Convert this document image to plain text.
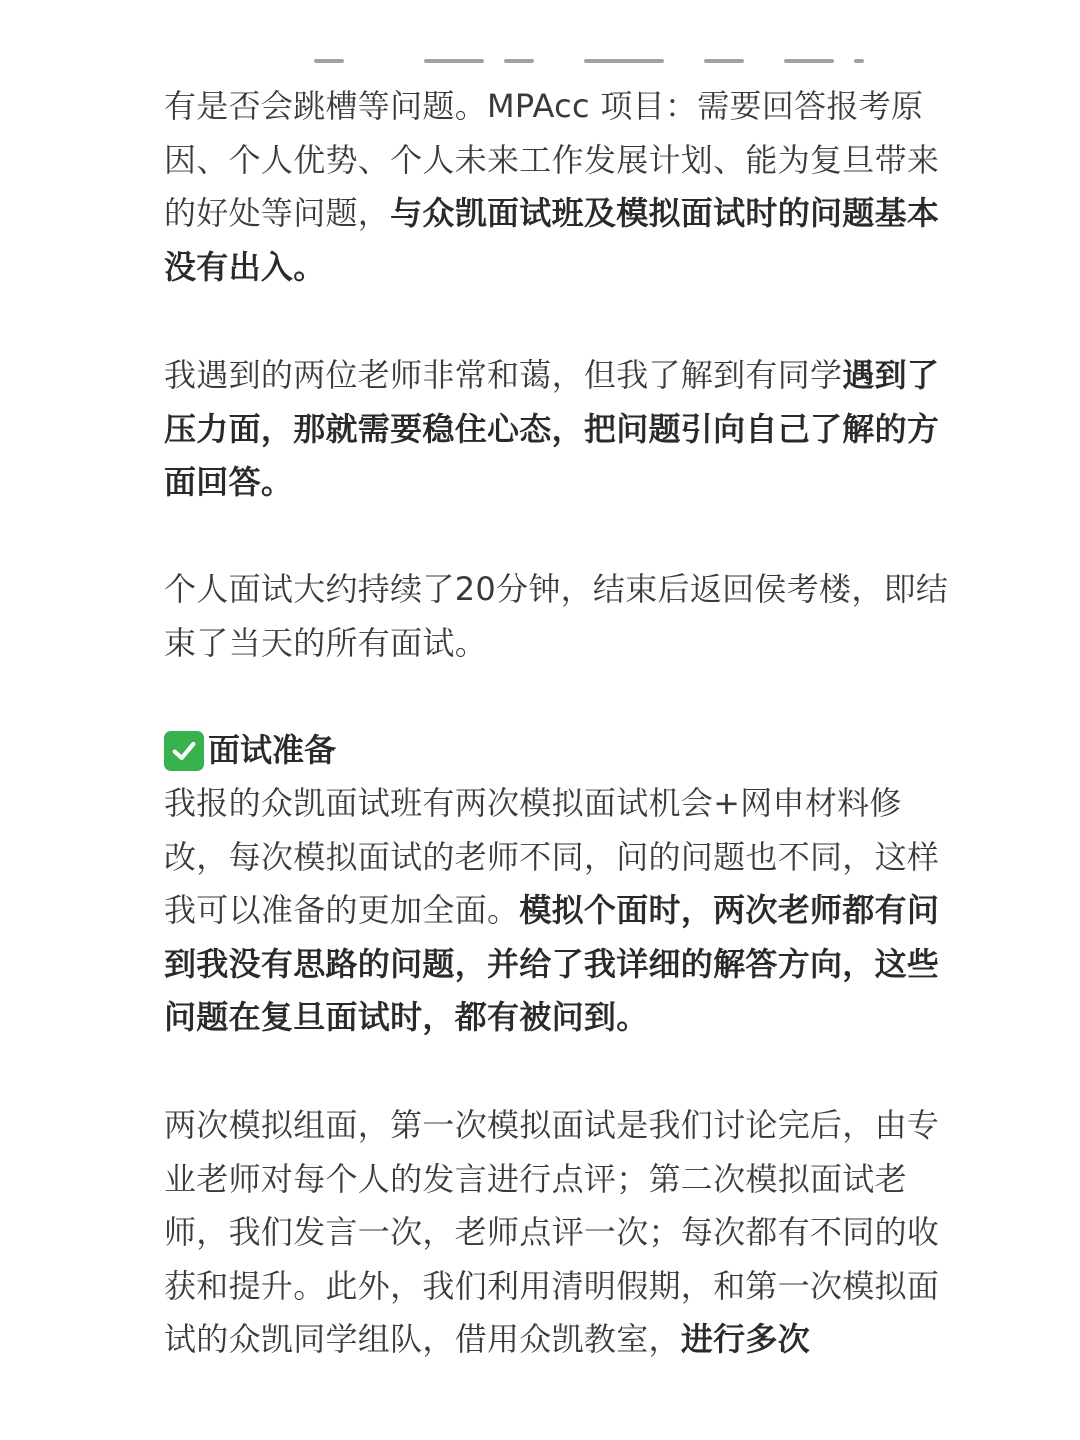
有是否会跳槽等问题。MPAcc 项目：需要回答报考原因、个人优势、个人未来工作发展计划、能为复旦带来的好处等问题，与众凯面试班及模拟面试时的问题基本没有出入。

我遇到的两位老师非常和蔼，但我了解到有同学遇到了压力面，那就需要稳住心态，把问题引向自己了解的方面回答。

个人面试大约持续了20分钟，结束后返回侯考楼，即结束了当天的所有面试。

面试准备

我报的众凯面试班有两次模拟面试机会+网申材料修改，每次模拟面试的老师不同，问的问题也不同，这样我可以准备的更加全面。模拟个面时，两次老师都有问到我没有思路的问题，并给了我详细的解答方向，这些问题在复旦面试时，都有被问到。

两次模拟组面，第一次模拟面试是我们讨论完后，由专业老师对每个人的发言进行点评；第二次模拟面试老师，我们发言一次，老师点评一次；每次都有不同的收获和提升。此外，我们利用清明假期，和第一次模拟面试的众凯同学组队，借用众凯教室，进行多次
